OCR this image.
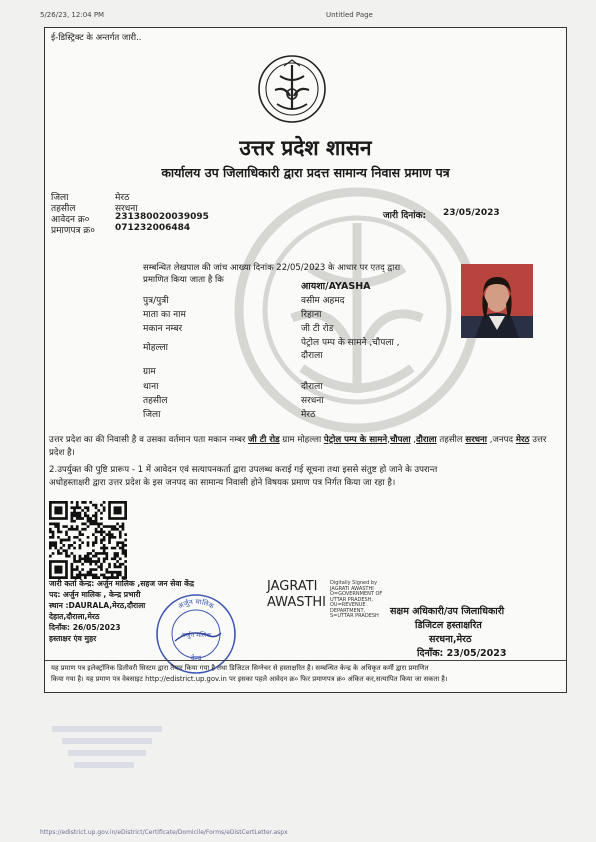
5/26/23, 12:04 PM	Untitled Page
ई-डिस्ट्रिक्ट के अन्तर्गत जारी..
उत्तर प्रदेश शासन
कार्यालय उप जिलाधिकारी द्वारा प्रदत्त सामान्य निवास प्रमाण पत्र
जिला	मेरठ
तहसील	सरधना
आवेदन क्र०	231380020039095
प्रमाणपत्र क्र० 071232006484
जारी दिनांक: 23/05/2023
सम्बन्धित लेखपाल की जांच आख्या दिनांक 22/05/2023 के आधार पर एतद् द्वारा
प्रमाणित किया जाता है कि
आयशा/AYASHA
पुत्र/पुत्री	वसीम अहमद
माता का नाम	रिहाना
मकान नम्बर	जी टी रोड
मोहल्ला	पेट्रोल पम्प के सामने ,चौपला ,
दौराला
ग्राम
थाना	दौराला
तहसील	सरधना
जिला	मेरठ
उत्तर प्रदेश का की निवासी है व उसका वर्तमान पता मकान नम्बर जी टी रोड ग्राम मोहल्ला पेट्रोल पम्प के सामने,चौपला ,दौराला तहसील सरधना ,जनपद मेरठ उत्तर प्रदेश है।
2.उपर्युक्त की पुष्टि प्रारूप - 1 में आवेदन एवं सत्यापनकर्ता द्वारा उपलब्ध कराई गई सूचना तथा इससे संतुष्ट हो जाने के उपरान्त
अधोहस्ताक्षरी द्वारा उत्तर प्रदेश के इस जनपद का सामान्य निवासी होने विषयक प्रमाण पत्र निर्गत किया जा रहा है।
जारी कर्ता केन्द्र: अर्जुन मालिक ,सहज जन सेवा केंद्र
पद: अर्जुन मालिक , केन्द्र प्रभारी
स्थान :DAURALA,मेरठ,दौराला
देहात,दौराला,मेरठ
दिनाँक: 26/05/2023
हस्ताक्षर एंव मुहर
अर्जुन मालिक
केन्द्र
अर्जुन मलिक
JAGRATI
AWASTHI
Digitally Signed by
JAGRATI AWASTHI
O=GOVERNMENT OF
UTTAR PRADESH,
OU=REVENUE
DEPARTMENT,
S=UTTAR PRADESH	सक्षम अधिकारी/उप जिलाधिकारी
डिजिटल हस्ताक्षरित
सरधना,मेरठ
दिनाँक: 23/05/2023
यह प्रमाण पत्र इलेक्ट्रॉनिक डिलीवरी सिस्टम द्वारा तैयार किया गया है तथा डिजिटल सिग्नेचर से हस्ताक्षरित है। सम्बन्धित केन्द्र के अधिकृत कर्मी द्वारा प्रमाणित
किया गया है। यह प्रमाण पत्र वेबसाइट http://edistrict.up.gov.in पर इसका पहले आवेदन क्र० फिर प्रमाणपत्र क्र० अंकित कर,सत्यापित किया जा सकता है।
https://edistrict.up.gov.in/eDistrict/Certificate/Domicile/Forms/eDistCertLetter.aspx
